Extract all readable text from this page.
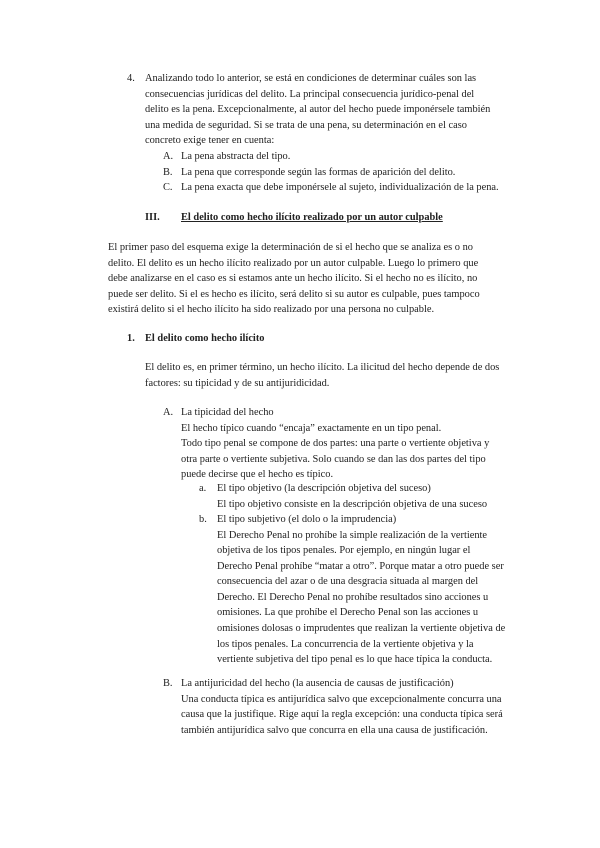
4. Analizando todo lo anterior, se está en condiciones de determinar cuáles son las consecuencias jurídicas del delito. La principal consecuencia jurídico-penal del delito es la pena. Excepcionalmente, al autor del hecho puede imponérsele también una medida de seguridad. Si se trata de una pena, su determinación en el caso concreto exige tener en cuenta:

A. La pena abstracta del tipo.
B. La pena que corresponde según las formas de aparición del delito.
C. La pena exacta que debe imponérsele al sujeto, individualización de la pena.
III. El delito como hecho ilícito realizado por un autor culpable

El primer paso del esquema exige la determinación de si el hecho que se analiza es o no delito. El delito es un hecho ilícito realizado por un autor culpable. Luego lo primero que debe analizarse en el caso es si estamos ante un hecho ilícito. Si el hecho no es ilícito, no puede ser delito. Si el es hecho es ilícito, será delito si su autor es culpable, pues tampoco existirá delito si el hecho ilícito ha sido realizado por una persona no culpable.

1. El delito como hecho ilícito

El delito es, en primer término, un hecho ilícito. La ilicitud del hecho depende de dos factores: su tipicidad y de su antijuridicidad.

A. La tipicidad del hecho

El hecho típico cuando “encaja” exactamente en un tipo penal.

Todo tipo penal se compone de dos partes: una parte o vertiente objetiva y otra parte o vertiente subjetiva. Solo cuando se dan las dos partes del tipo puede decirse que el hecho es típico.

a. El tipo objetivo (la descripción objetiva del suceso)

El tipo objetivo consiste en la descripción objetiva de una suceso

b. El tipo subjetivo (el dolo o la imprudencia)

El Derecho Penal no prohíbe la simple realización de la vertiente objetiva de los tipos penales. Por ejemplo, en ningún lugar el Derecho Penal prohíbe “matar a otro”. Porque matar a otro puede ser consecuencia del azar o de una desgracia situada al margen del Derecho. El Derecho Penal no prohíbe resultados sino acciones u omisiones. La que prohíbe el Derecho Penal son las acciones u omisiones dolosas o imprudentes que realizan la vertiente objetiva de los tipos penales. La concurrencia de la vertiente objetiva y la vertiente subjetiva del tipo penal es lo que hace típica la conducta.

B. La antijuricidad del hecho (la ausencia de causas de justificación)

Una conducta típica es antijurídica salvo que excepcionalmente concurra una causa que la justifique. Rige aquí la regla excepción: una conducta típica será también antijurídica salvo que concurra en ella una causa de justificación.
